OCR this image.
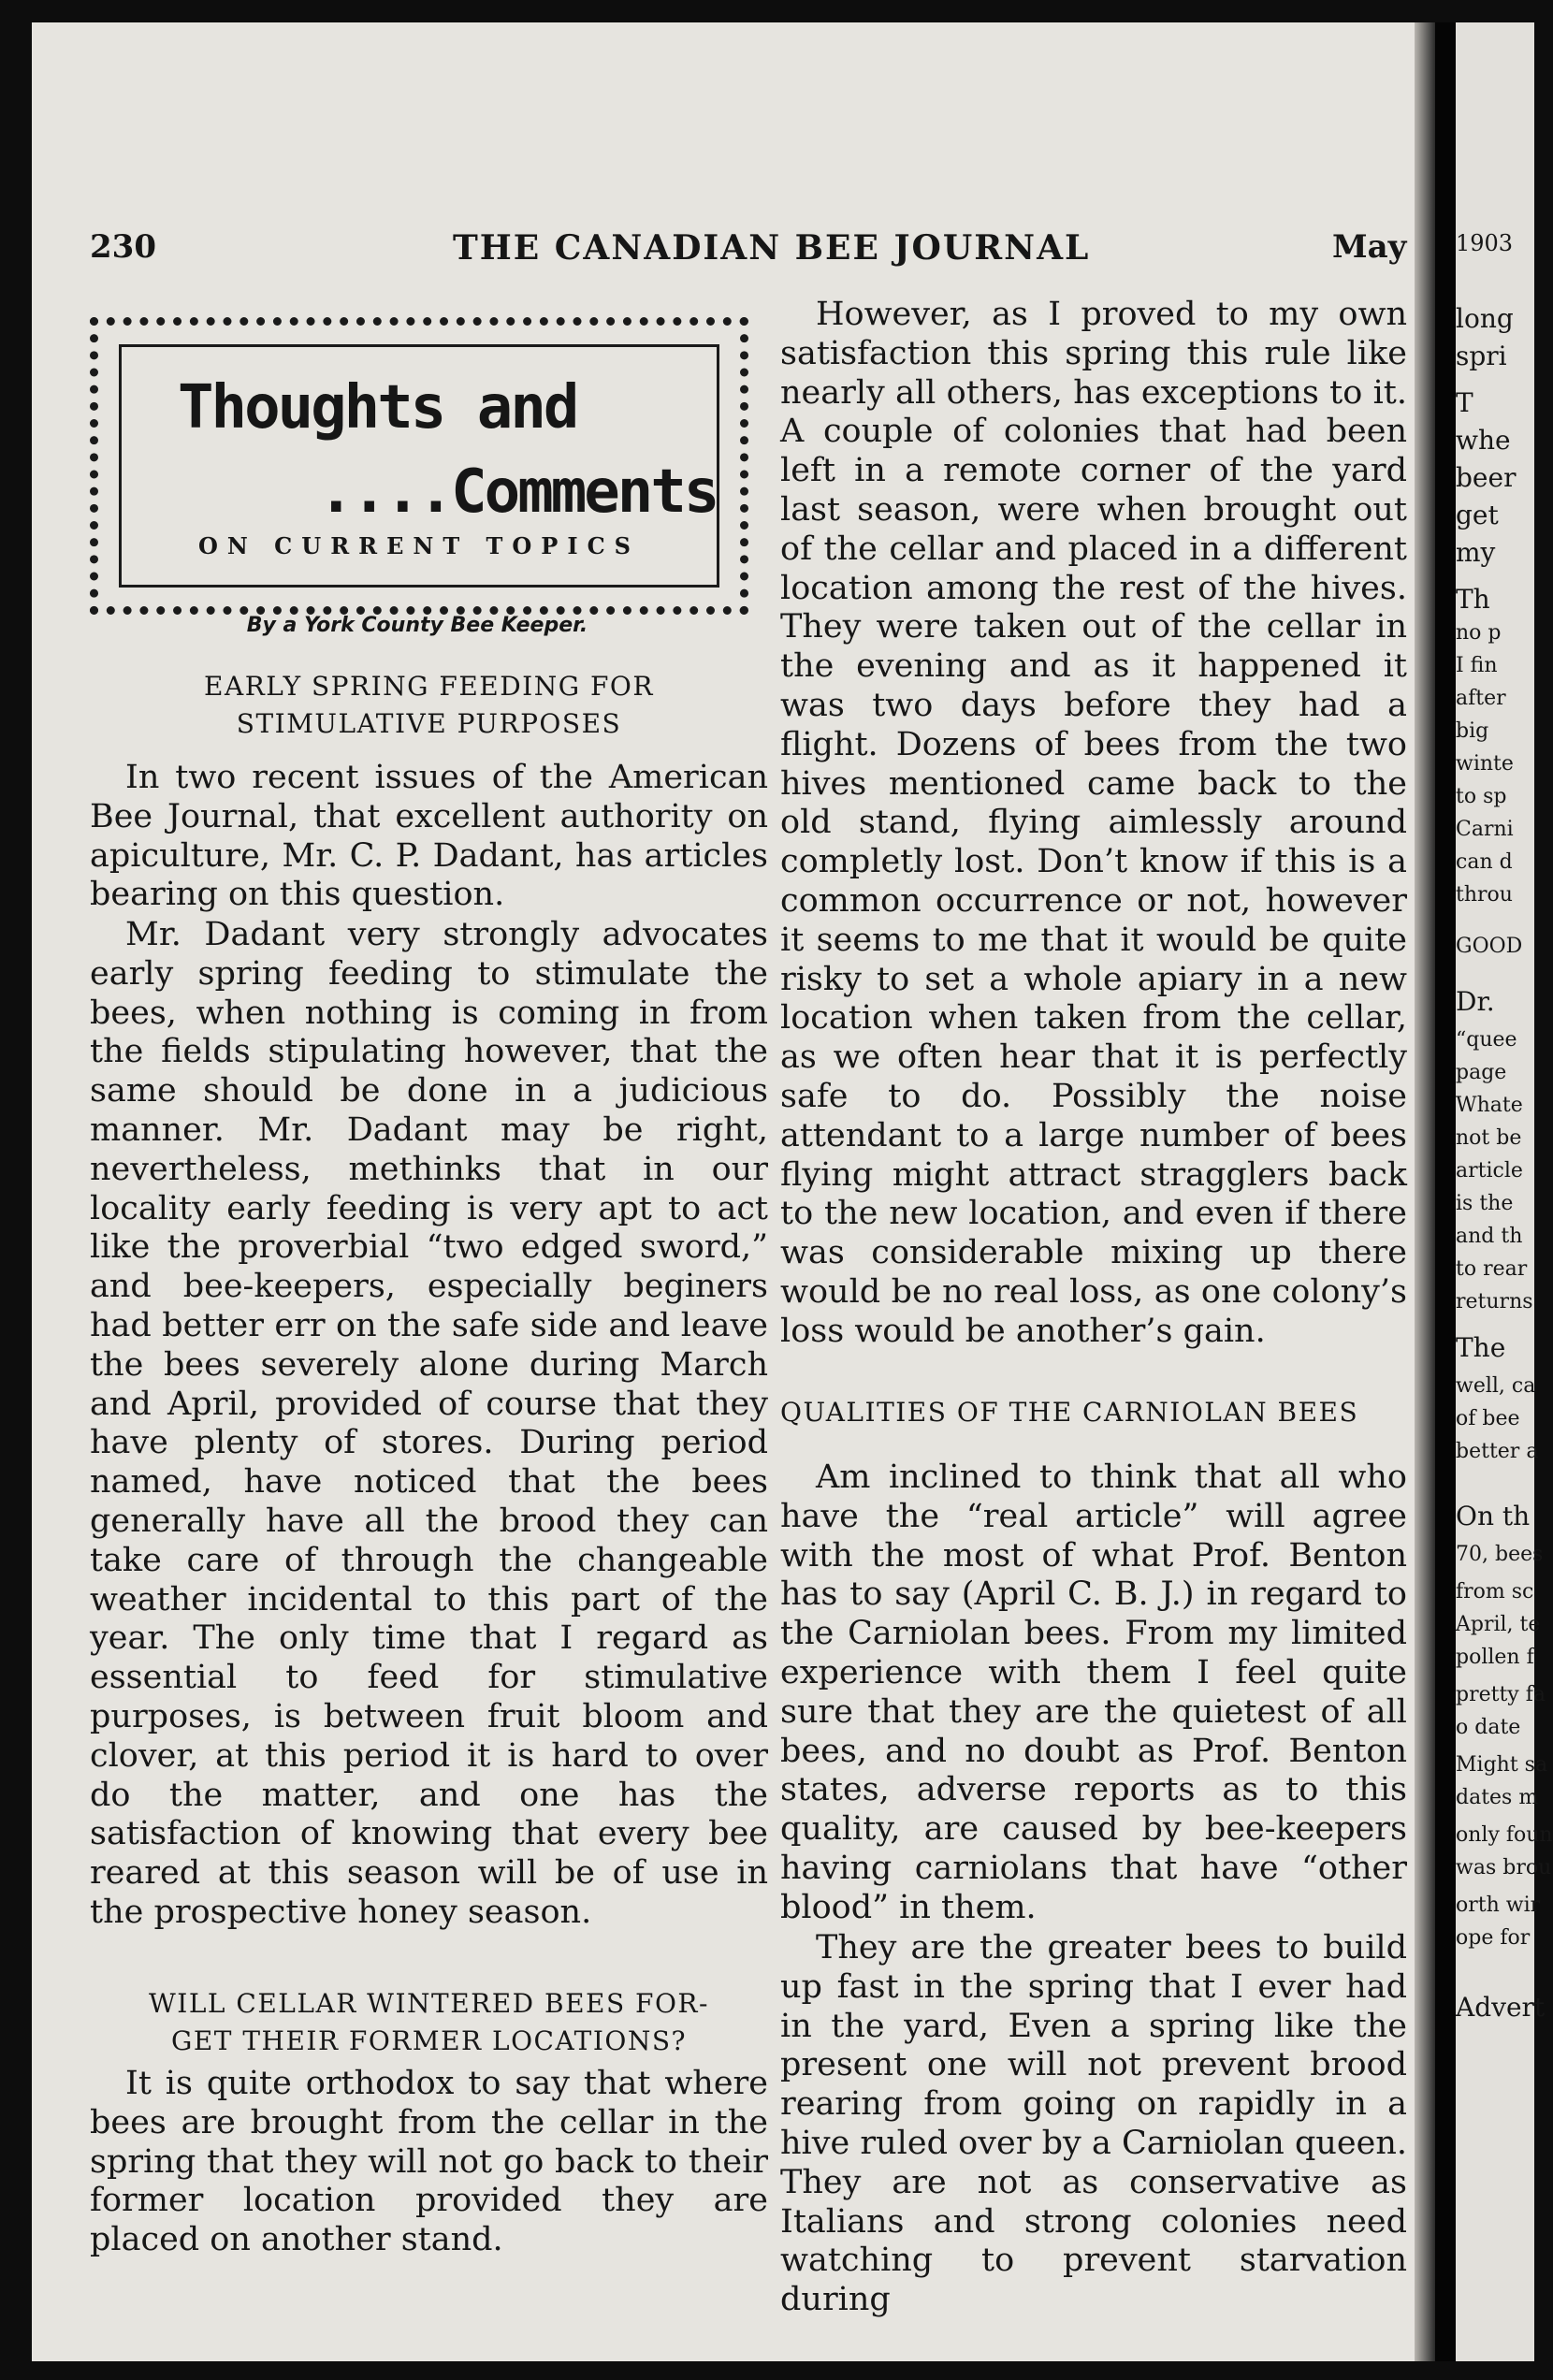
230	THE CANADIAN BEE JOURNAL	May
Thoughts and
....Comments
ON CURRENT TOPICS
By a York County Bee Keeper.
EARLY SPRING FEEDING FOR
STIMULATIVE PURPOSES

In two recent issues of the American Bee Journal, that excellent authority on apiculture, Mr. C. P. Dadant, has articles bearing on this question.

Mr. Dadant very strongly advocates early spring feeding to stimulate the bees, when nothing is coming in from the fields stipulating however, that the same should be done in a judicious manner. Mr. Dadant may be right, nevertheless, methinks that in our locality early feeding is very apt to act like the proverbial “two edged sword,” and bee-keepers, especially beginers had better err on the safe side and leave the bees severely alone during March and April, provided of course that they have plenty of stores. During period named, have noticed that the bees generally have all the brood they can take care of through the changeable weather incidental to this part of the year. The only time that I regard as essential to feed for stimulative purposes, is between fruit bloom and clover, at this period it is hard to over do the matter, and one has the satisfaction of knowing that every bee reared at this season will be of use in the prospective honey season.

WILL CELLAR WINTERED BEES FOR-
GET THEIR FORMER LOCATIONS?

It is quite orthodox to say that where bees are brought from the cellar in the spring that they will not go back to their former location provided they are placed on another stand.

However, as I proved to my own satisfaction this spring this rule like nearly all others, has exceptions to it. A couple of colonies that had been left in a remote corner of the yard last season, were when brought out of the cellar and placed in a different location among the rest of the hives. They were taken out of the cellar in the evening and as it happened it was two days before they had a flight. Dozens of bees from the two hives mentioned came back to the old stand, flying aimlessly around completly lost. Don’t know if this is a common occurrence or not, however it seems to me that it would be quite risky to set a whole apiary in a new location when taken from the cellar, as we often hear that it is perfectly safe to do. Possibly the noise attendant to a large number of bees flying might attract stragglers back to the new location, and even if there was considerable mixing up there would be no real loss, as one colony’s loss would be another’s gain.

QUALITIES OF THE CARNIOLAN BEES

Am inclined to think that all who have the “real article” will agree with the most of what Prof. Benton has to say (April C. B. J.) in regard to the Carniolan bees. From my limited experience with them I feel quite sure that they are the quietest of all bees, and no doubt as Prof. Benton states, adverse reports as to this quality, are caused by bee-keepers having carniolans that have “other blood” in them.

They are the greater bees to build up fast in the spring that I ever had in the yard, Even a spring like the present one will not prevent brood rearing from going on rapidly in a hive ruled over by a Carniolan queen. They are not as conservative as Italians and strong colonies need watching to prevent starvation during

1903
long
spri
T
whe
beer
get
my
Th
no p
I fin
after
big
winte
to sp
Carni
can d
throu
GOOD
Dr.
“quee
page
Whate
not be
article
is the
and th
to rear
returns
The
well, ca
of bee
better a
On th
70, bees
from sc
April, te
pollen f
pretty fa
o date
Might sa
dates m
only foun
was brou
orth wir
ope for
Advert
